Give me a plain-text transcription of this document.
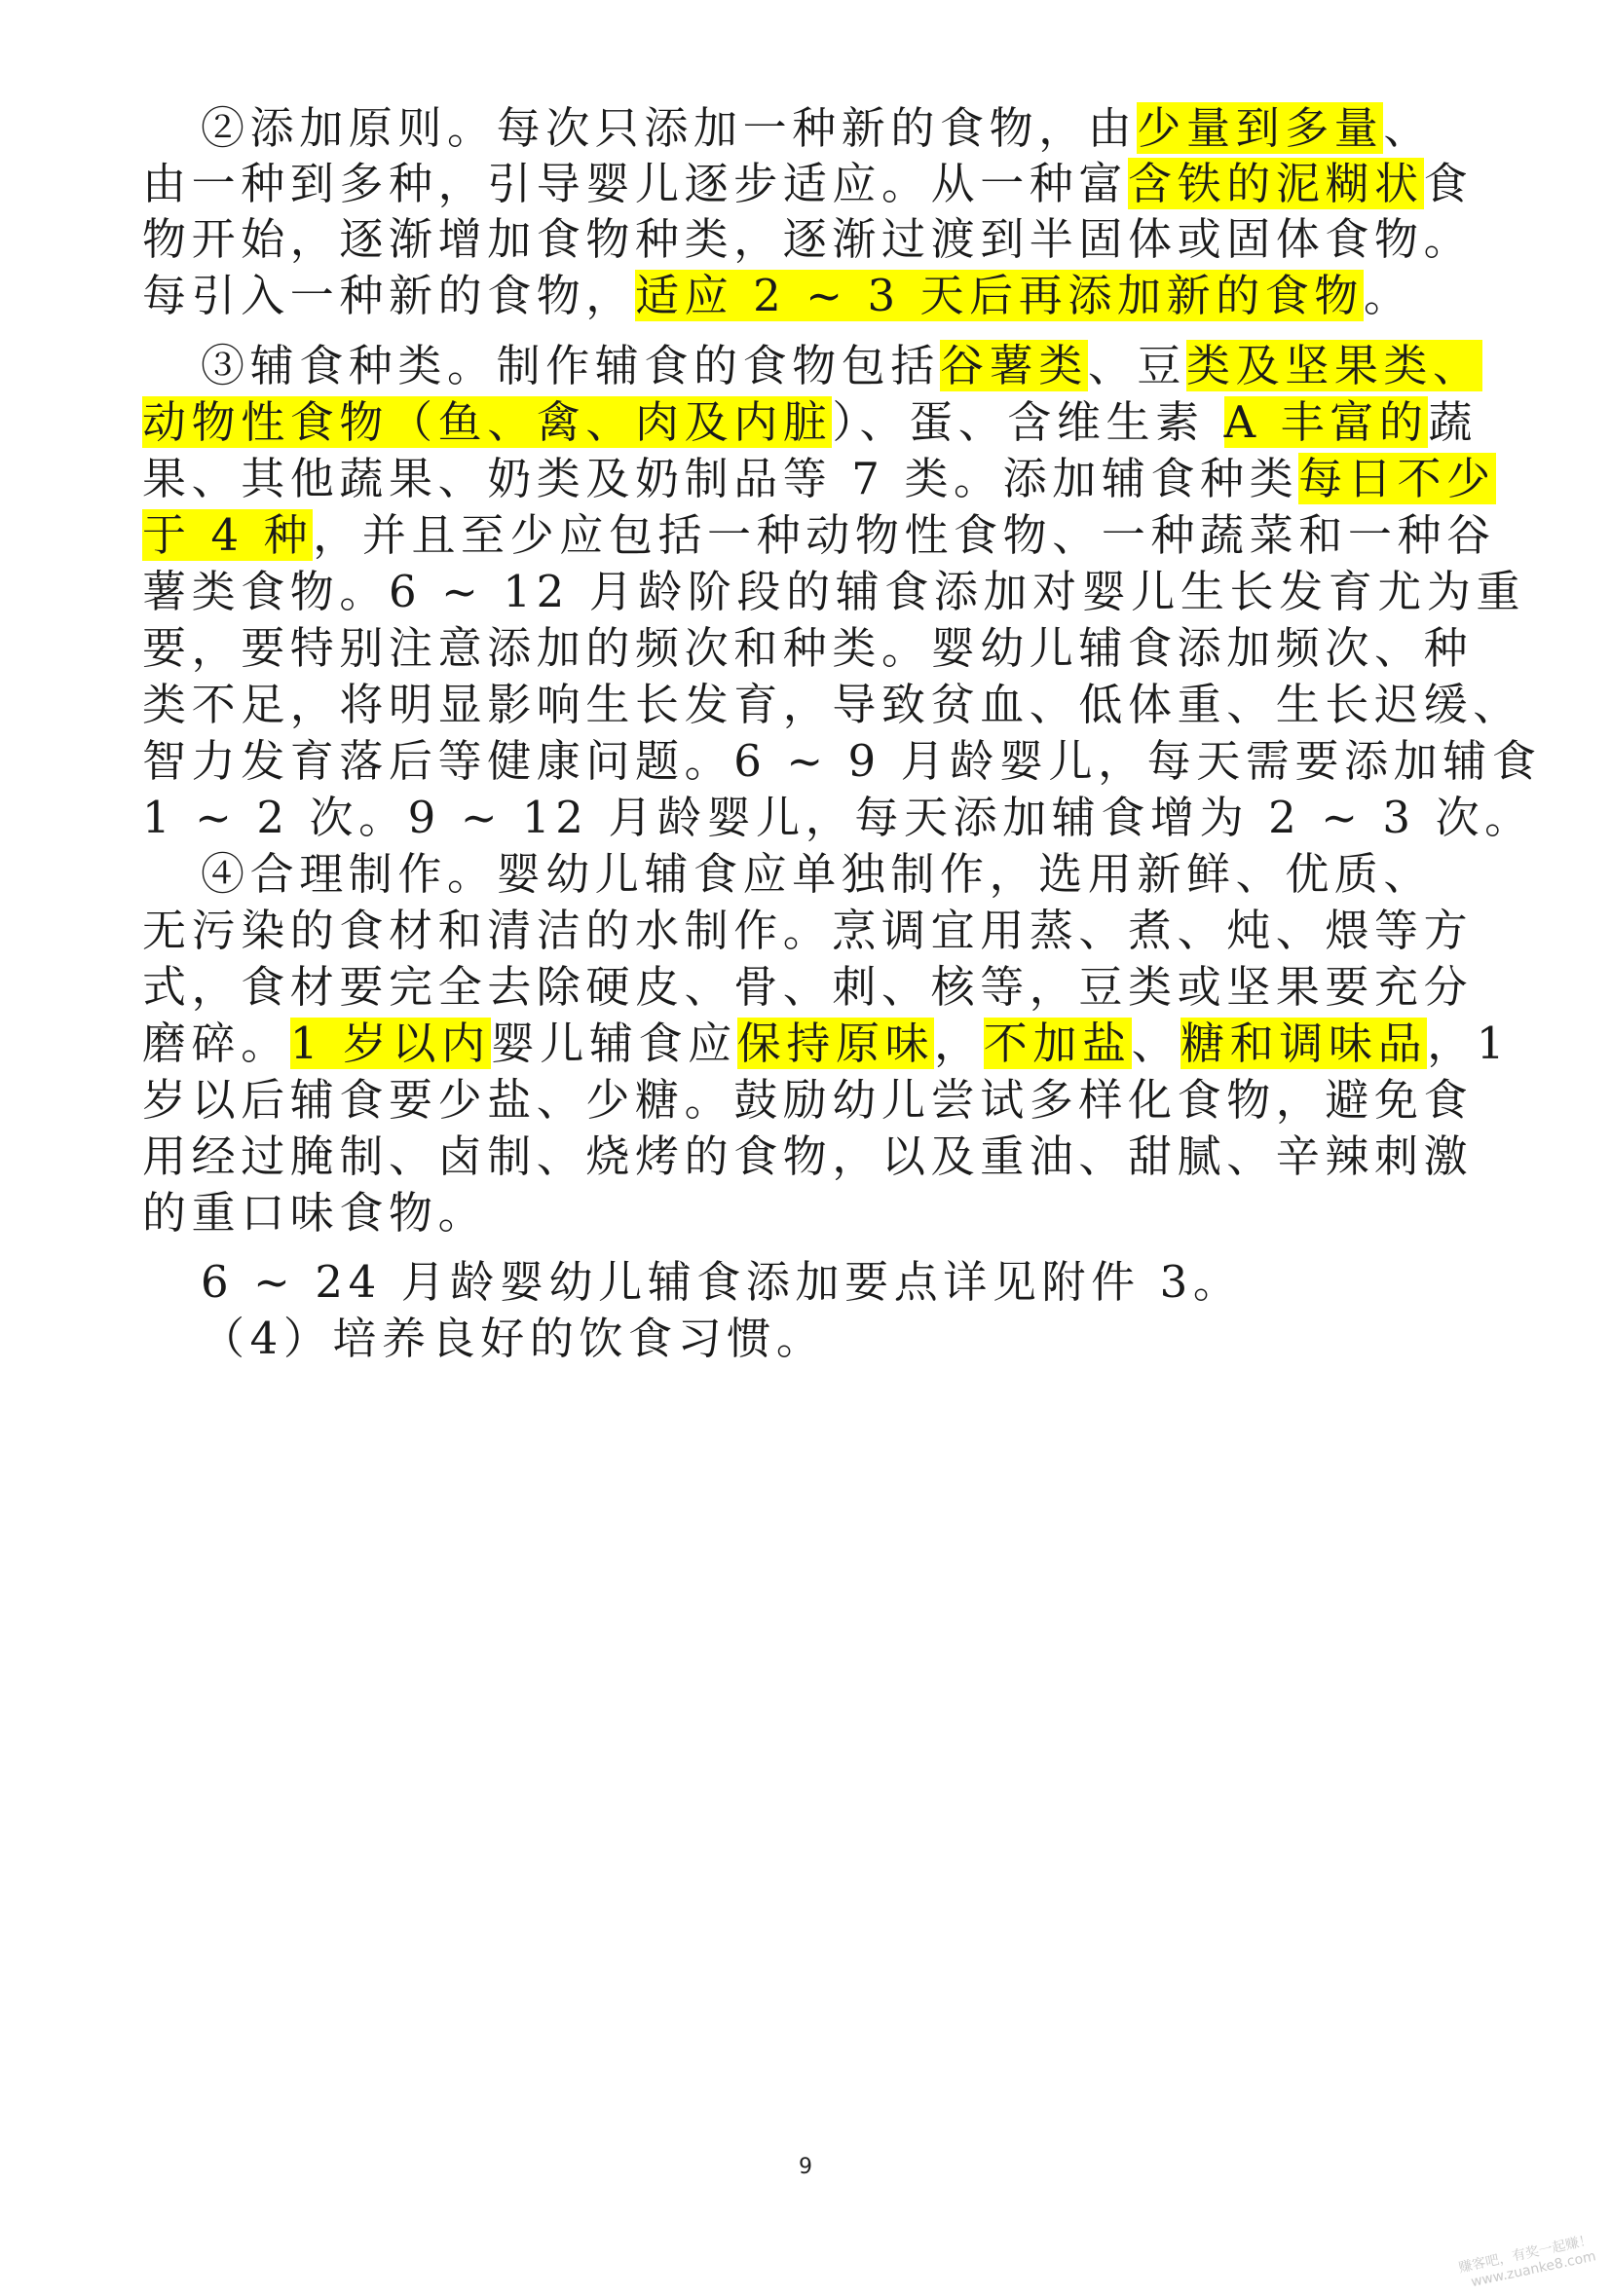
②添加原则。每次只添加一种新的食物，由少量到多量、
由一种到多种，引导婴儿逐步适应。从一种富含铁的泥糊状食
物开始，逐渐增加食物种类，逐渐过渡到半固体或固体食物。
每引入一种新的食物，适应 2 ~ 3 天后再添加新的食物。
③辅食种类。制作辅食的食物包括谷薯类、豆类及坚果类、
动物性食物（鱼、禽、肉及内脏）、蛋、含维生素 A 丰富的蔬
果、其他蔬果、奶类及奶制品等 7 类。添加辅食种类每日不少
于 4 种，并且至少应包括一种动物性食物、一种蔬菜和一种谷
薯类食物。6 ~ 12 月龄阶段的辅食添加对婴儿生长发育尤为重
要，要特别注意添加的频次和种类。婴幼儿辅食添加频次、种
类不足，将明显影响生长发育，导致贫血、低体重、生长迟缓、
智力发育落后等健康问题。6 ~ 9 月龄婴儿，每天需要添加辅食
1 ~ 2 次。9 ~ 12 月龄婴儿，每天添加辅食增为 2 ~ 3 次。
④合理制作。婴幼儿辅食应单独制作，选用新鲜、优质、
无污染的食材和清洁的水制作。烹调宜用蒸、煮、炖、煨等方
式，食材要完全去除硬皮、骨、刺、核等，豆类或坚果要充分
磨碎。1 岁以内婴儿辅食应保持原味，不加盐、糖和调味品，1
岁以后辅食要少盐、少糖。鼓励幼儿尝试多样化食物，避免食
用经过腌制、卤制、烧烤的食物，以及重油、甜腻、辛辣刺激
的重口味食物。
6 ~ 24 月龄婴幼儿辅食添加要点详见附件 3。
（4）培养良好的饮食习惯。
9
赚客吧，有奖一起赚！ www.zuanke8.com
